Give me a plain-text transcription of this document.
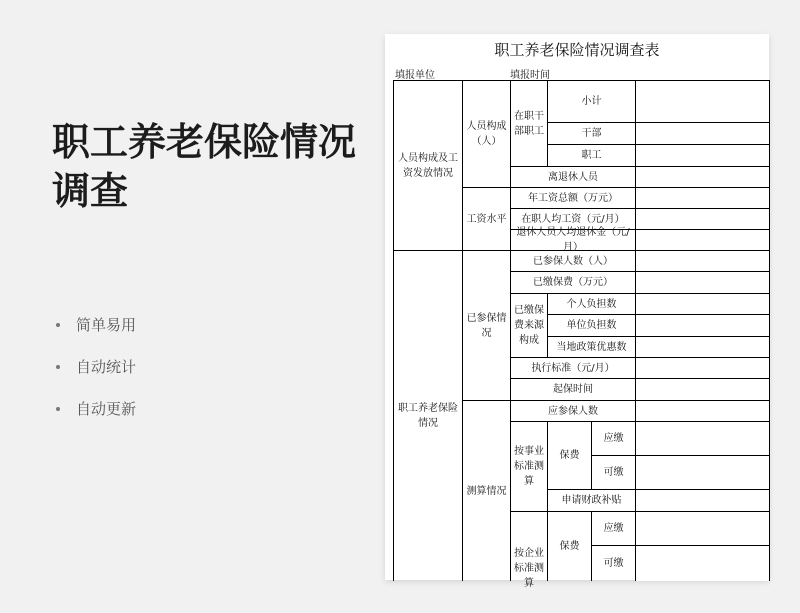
职工养老保险情况调查
简单易用
自动统计
自动更新
职工养老保险情况调查表
填报单位	填报时间
人员构成及工资发放情况
职工养老保险情况
人员构成（人）
工资水平
已参保情况
测算情况
在职干部职工
小计
干部
职工
离退休人员
年工资总额（万元）
在职人均工资（元/月）
退休人员人均退休金（元/月）
已参保人数（人）
已缴保费（万元）
已缴保费来源构成
个人负担数
单位负担数
当地政策优惠数
执行标准（元/月）
起保时间
应参保人数
按事业标准测算
保费
应缴
可缴
申请财政补贴
按企业标准测算
保费
应缴
可缴
